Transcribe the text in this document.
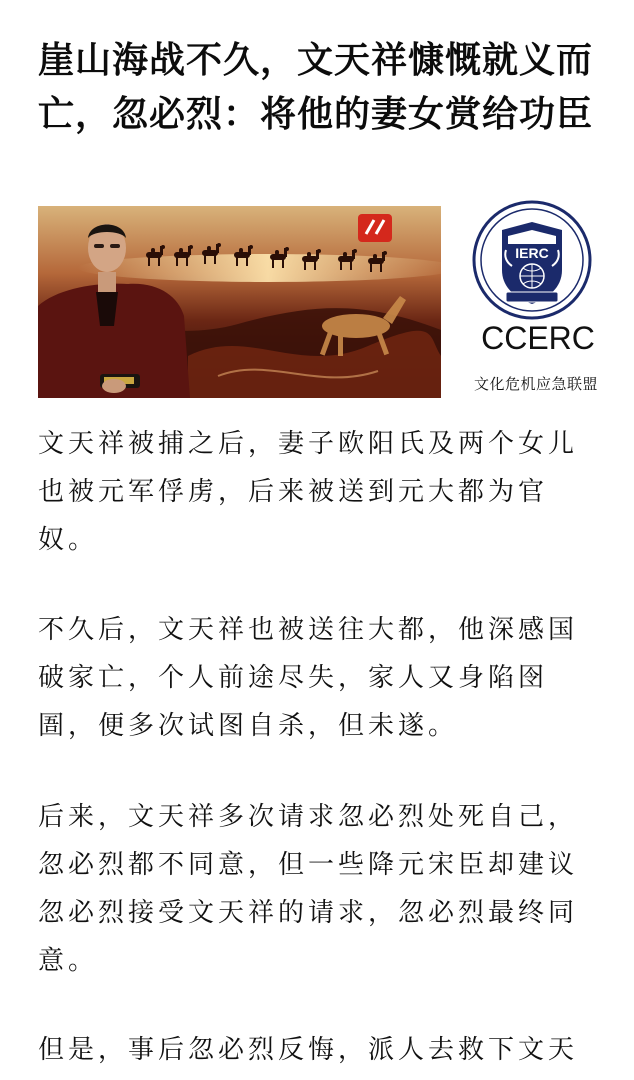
崖山海战不久，文天祥慷慨就义而亡，忽必烈：将他的妻女赏给功臣
IERC
CCERC
文化危机应急联盟

文天祥被捕之后，妻子欧阳氏及两个女儿也被元军俘虏，后来被送到元大都为官奴。

不久后，文天祥也被送往大都，他深感国破家亡，个人前途尽失，家人又身陷囹圄，便多次试图自杀，但未遂。

后来，文天祥多次请求忽必烈处死自己，忽必烈都不同意，但一些降元宋臣却建议忽必烈接受文天祥的请求，忽必烈最终同意。

但是，事后忽必烈反悔，派人去救下文天
